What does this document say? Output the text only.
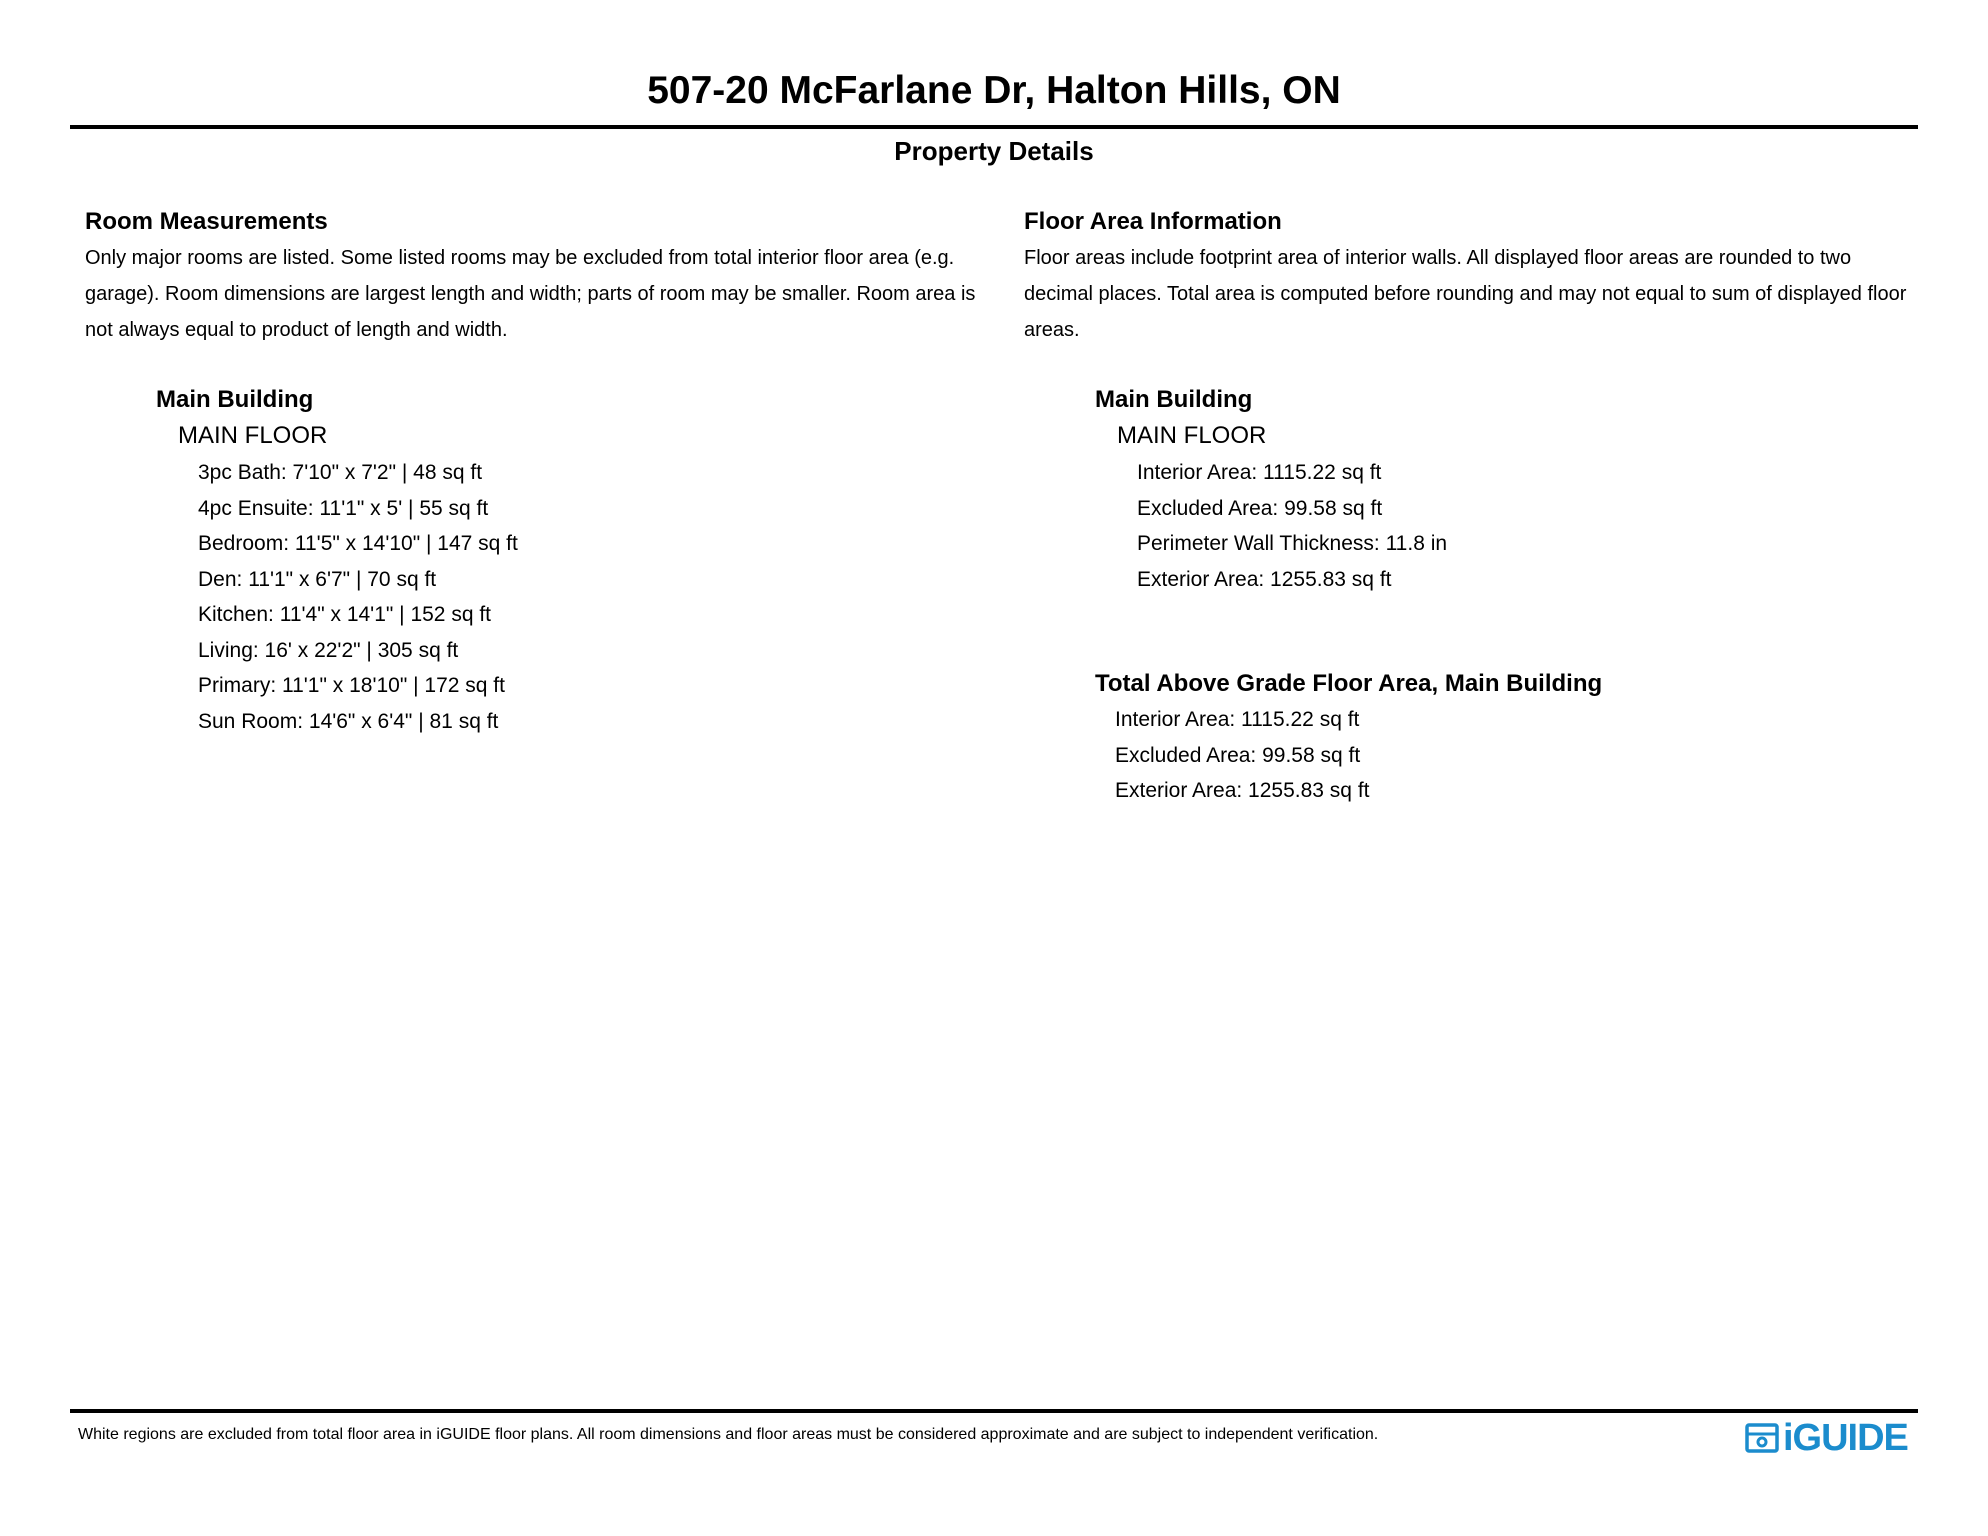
507-20 McFarlane Dr, Halton Hills, ON
Property Details
Room Measurements
Only major rooms are listed. Some listed rooms may be excluded from total interior floor area (e.g. garage). Room dimensions are largest length and width; parts of room may be smaller. Room area is not always equal to product of length and width.
Main Building
MAIN FLOOR
3pc Bath: 7'10" x 7'2" | 48 sq ft
4pc Ensuite: 11'1" x 5' | 55 sq ft
Bedroom: 11'5" x 14'10" | 147 sq ft
Den: 11'1" x 6'7" | 70 sq ft
Kitchen: 11'4" x 14'1" | 152 sq ft
Living: 16' x 22'2" | 305 sq ft
Primary: 11'1" x 18'10" | 172 sq ft
Sun Room: 14'6" x 6'4" | 81 sq ft
Floor Area Information
Floor areas include footprint area of interior walls. All displayed floor areas are rounded to two decimal places. Total area is computed before rounding and may not equal to sum of displayed floor areas.
Main Building
MAIN FLOOR
Interior Area: 1115.22 sq ft
Excluded Area: 99.58 sq ft
Perimeter Wall Thickness: 11.8 in
Exterior Area: 1255.83 sq ft
Total Above Grade Floor Area, Main Building
Interior Area: 1115.22 sq ft
Excluded Area: 99.58 sq ft
Exterior Area: 1255.83 sq ft
White regions are excluded from total floor area in iGUIDE floor plans. All room dimensions and floor areas must be considered approximate and are subject to independent verification.	iGUIDE
